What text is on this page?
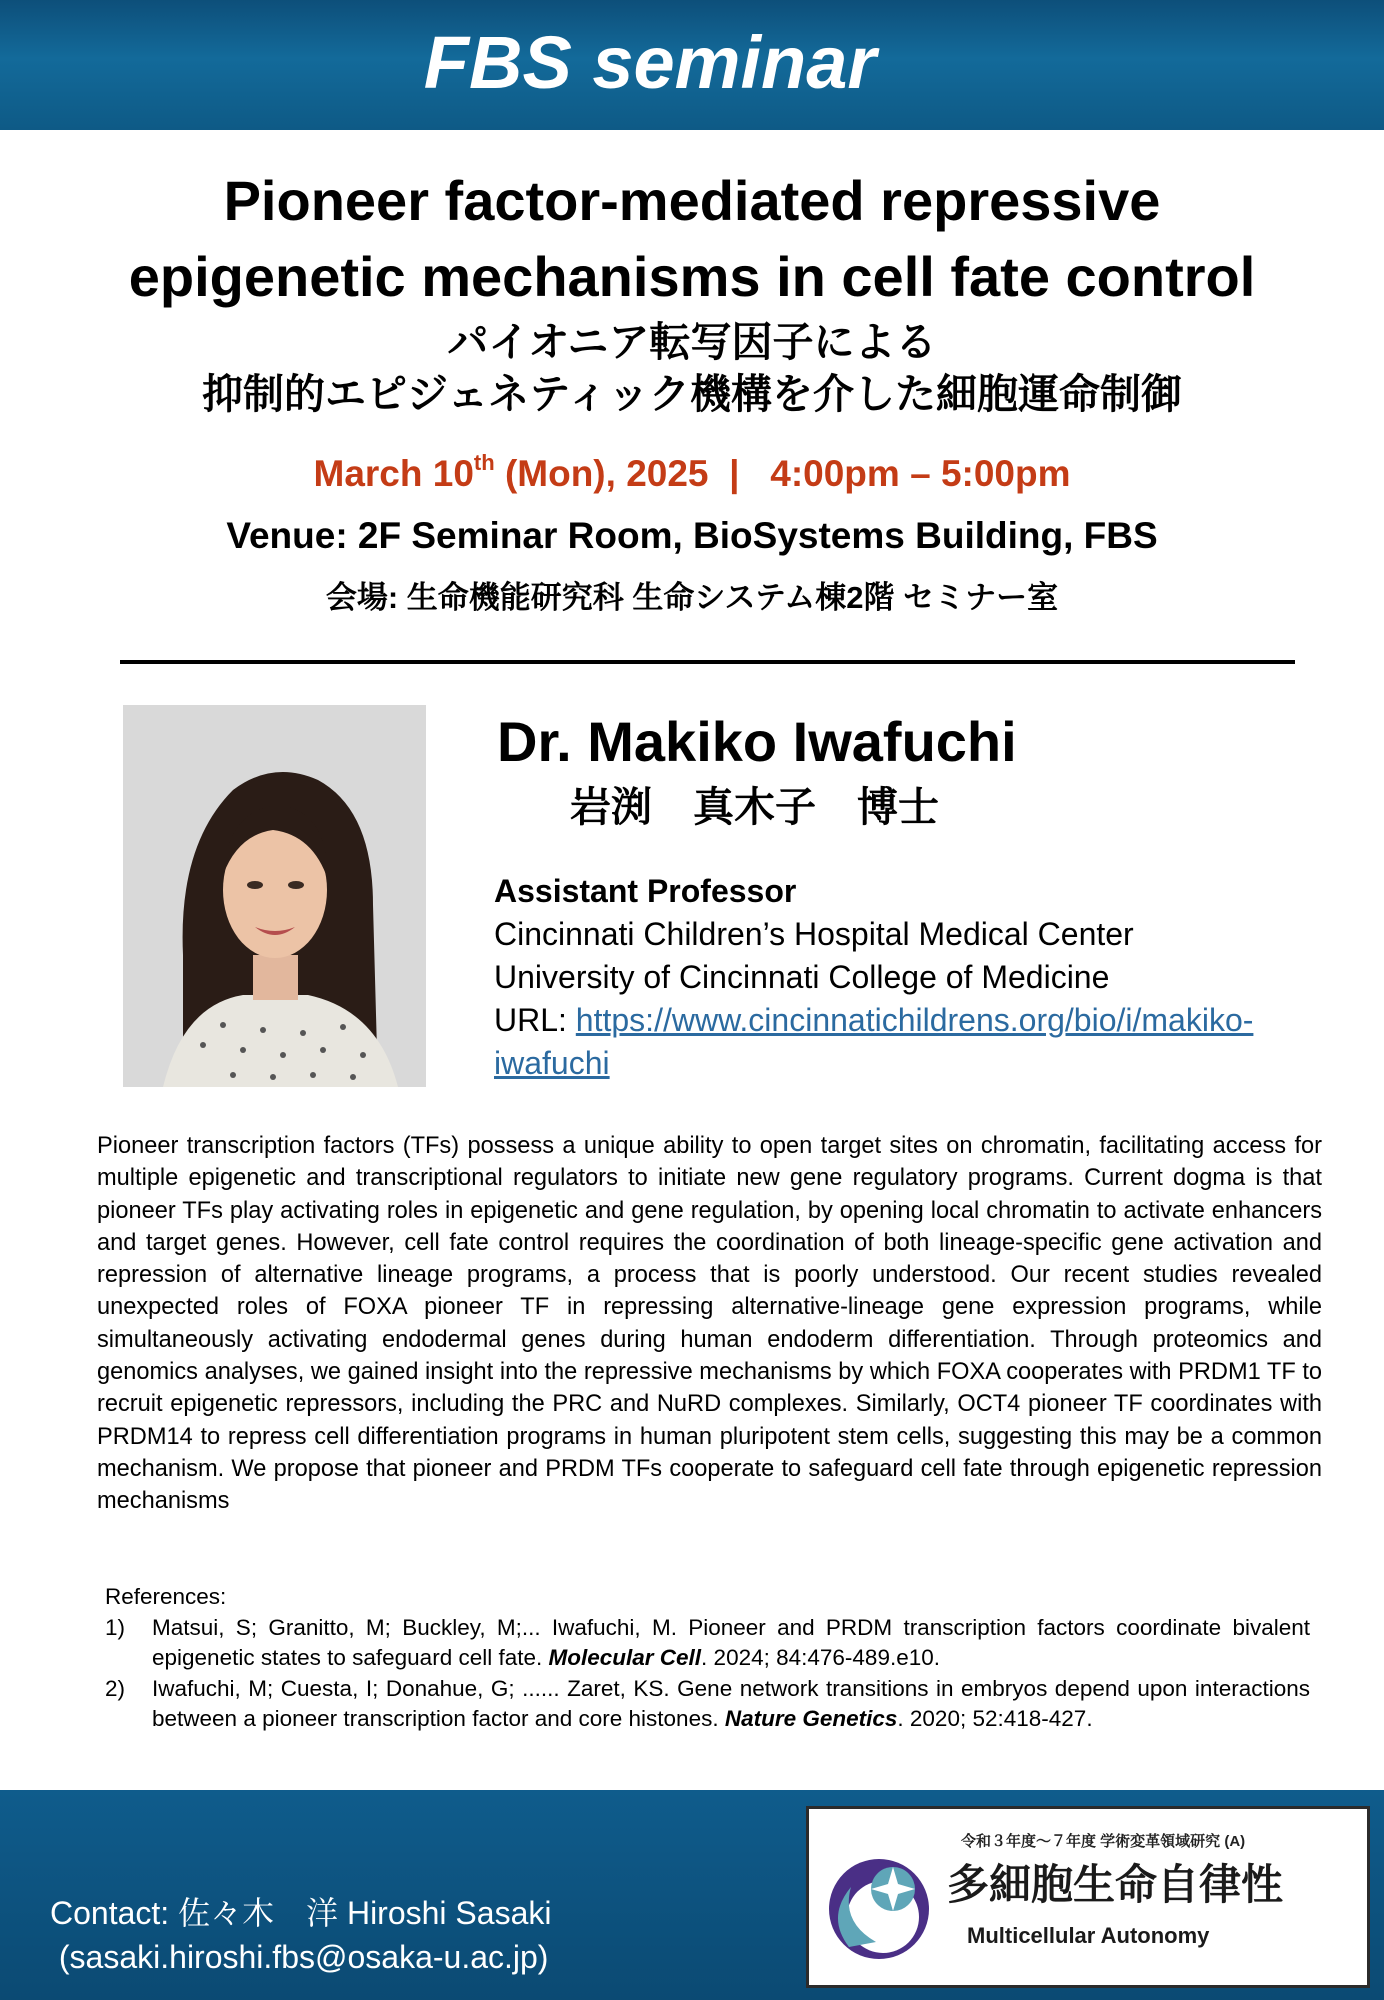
FBS seminar
Pioneer factor-mediated repressive
epigenetic mechanisms in cell fate control
パイオニア転写因子による
抑制的エピジェネティック機構を介した細胞運命制御
March 10th (Mon), 2025  |   4:00pm – 5:00pm
Venue: 2F Seminar Room, BioSystems Building, FBS
会場: 生命機能研究科 生命システム棟2階 セミナー室
Dr. Makiko Iwafuchi
岩渕　真木子　博士
Assistant Professor
Cincinnati Children’s Hospital Medical Center
University of Cincinnati College of Medicine
URL: https://www.cincinnatichildrens.org/bio/i/makiko-iwafuchi
Pioneer transcription factors (TFs) possess a unique ability to open target sites on chromatin, facilitating access for multiple epigenetic and transcriptional regulators to initiate new gene regulatory programs. Current dogma is that pioneer TFs play activating roles in epigenetic and gene regulation, by opening local chromatin to activate enhancers and target genes. However, cell fate control requires the coordination of both lineage-specific gene activation and repression of alternative lineage programs, a process that is poorly understood. Our recent studies revealed unexpected roles of FOXA pioneer TF in repressing alternative-lineage gene expression programs, while simultaneously activating endodermal genes during human endoderm differentiation. Through proteomics and genomics analyses, we gained insight into the repressive mechanisms by which FOXA cooperates with PRDM1 TF to recruit epigenetic repressors, including the PRC and NuRD complexes. Similarly, OCT4 pioneer TF coordinates with PRDM14 to repress cell differentiation programs in human pluripotent stem cells, suggesting this may be a common mechanism. We propose that pioneer and PRDM TFs cooperate to safeguard cell fate through epigenetic repression mechanisms
References:
1) Matsui, S; Granitto, M; Buckley, M;... Iwafuchi, M. Pioneer and PRDM transcription factors coordinate bivalent epigenetic states to safeguard cell fate. Molecular Cell. 2024; 84:476-489.e10.
2) Iwafuchi, M; Cuesta, I; Donahue, G; ...... Zaret, KS. Gene network transitions in embryos depend upon interactions between a pioneer transcription factor and core histones. Nature Genetics. 2020; 52:418-427.
Contact: 佐々木　洋 Hiroshi Sasaki
(sasaki.hiroshi.fbs@osaka-u.ac.jp)
令和３年度～７年度 学術変革領域研究 (A)
多細胞生命自律性
Multicellular Autonomy
